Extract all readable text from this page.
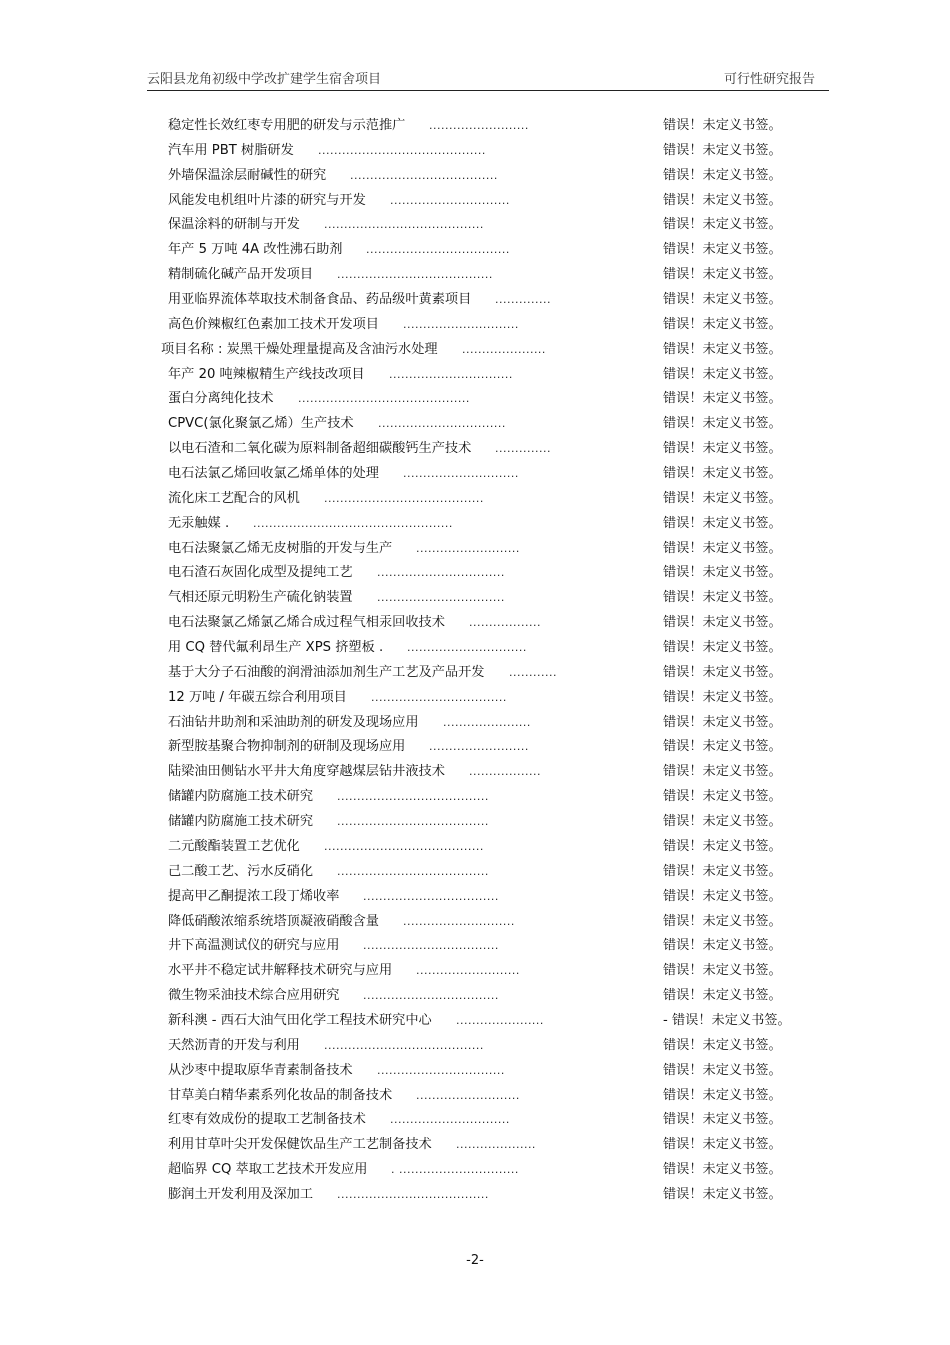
云阳县龙角初级中学改扩建学生宿舍项目	可行性研究报告
稳定性长效红枣专用肥的研发与示范推广 .........................	错误！未定义书签。
汽车用 PBT 树脂研发 ..........................................	错误！未定义书签。
外墙保温涂层耐碱性的研究 .....................................	错误！未定义书签。
风能发电机组叶片漆的研究与开发 ..............................	错误！未定义书签。
保温涂料的研制与开发 ........................................	错误！未定义书签。
年产 5 万吨 4A 改性沸石助剂 ....................................	错误！未定义书签。
精制硫化碱产品开发项目 .......................................	错误！未定义书签。
用亚临界流体萃取技术制备食品、药品级叶黄素项目 ..............	错误！未定义书签。
高色价辣椒红色素加工技术开发项目 .............................	错误！未定义书签。
项目名称 : 炭黑干燥处理量提高及含油污水处理 .....................	错误！未定义书签。
年产 20 吨辣椒精生产线技改项目 ...............................	错误！未定义书签。
蛋白分离纯化技术 ...........................................	错误！未定义书签。
CPVC(氯化聚氯乙烯）生产技术 ................................	错误！未定义书签。
以电石渣和二氧化碳为原料制备超细碳酸钙生产技术 ..............	错误！未定义书签。
电石法氯乙烯回收氯乙烯单体的处理 .............................	错误！未定义书签。
流化床工艺配合的风机 ........................................	错误！未定义书签。
无汞触媒 . ..................................................	错误！未定义书签。
电石法聚氯乙烯无皮树脂的开发与生产 ..........................	错误！未定义书签。
电石渣石灰固化成型及提纯工艺 ................................	错误！未定义书签。
气相还原元明粉生产硫化钠装置 ................................	错误！未定义书签。
电石法聚氯乙烯氯乙烯合成过程气相汞回收技术 ..................	错误！未定义书签。
用 CQ 替代氟利昂生产 XPS 挤塑板 . ..............................	错误！未定义书签。
基于大分子石油酸的润滑油添加剂生产工艺及产品开发 ............	错误！未定义书签。
12 万吨 / 年碳五综合利用项目 ..................................	错误！未定义书签。
石油钻井助剂和采油助剂的研发及现场应用 ......................	错误！未定义书签。
新型胺基聚合物抑制剂的研制及现场应用 .........................	错误！未定义书签。
陆梁油田侧钻水平井大角度穿越煤层钻井液技术 ..................	错误！未定义书签。
储罐内防腐施工技术研究 ......................................	错误！未定义书签。
储罐内防腐施工技术研究 ......................................	错误！未定义书签。
二元酸酯装置工艺优化 ........................................	错误！未定义书签。
己二酸工艺、污水反硝化 ......................................	错误！未定义书签。
提高甲乙酮提浓工段丁烯收率 ..................................	错误！未定义书签。
降低硝酸浓缩系统塔顶凝液硝酸含量 ............................	错误！未定义书签。
井下高温测试仪的研究与应用 ..................................	错误！未定义书签。
水平井不稳定试井解释技术研究与应用 ..........................	错误！未定义书签。
微生物采油技术综合应用研究 ..................................	错误！未定义书签。
新科澳 - 西石大油气田化学工程技术研究中心 ......................	- 错误！未定义书签。
天然沥青的开发与利用 ........................................	错误！未定义书签。
从沙枣中提取原华青素制备技术 ................................	错误！未定义书签。
甘草美白精华素系列化妆品的制备技术 ..........................	错误！未定义书签。
红枣有效成份的提取工艺制备技术 ..............................	错误！未定义书签。
利用甘草叶尖开发保健饮品生产工艺制备技术 ....................	错误！未定义书签。
超临界 CQ 萃取工艺技术开发应用 . ..............................	错误！未定义书签。
膨润土开发利用及深加工 ......................................	错误！未定义书签。
-2-
